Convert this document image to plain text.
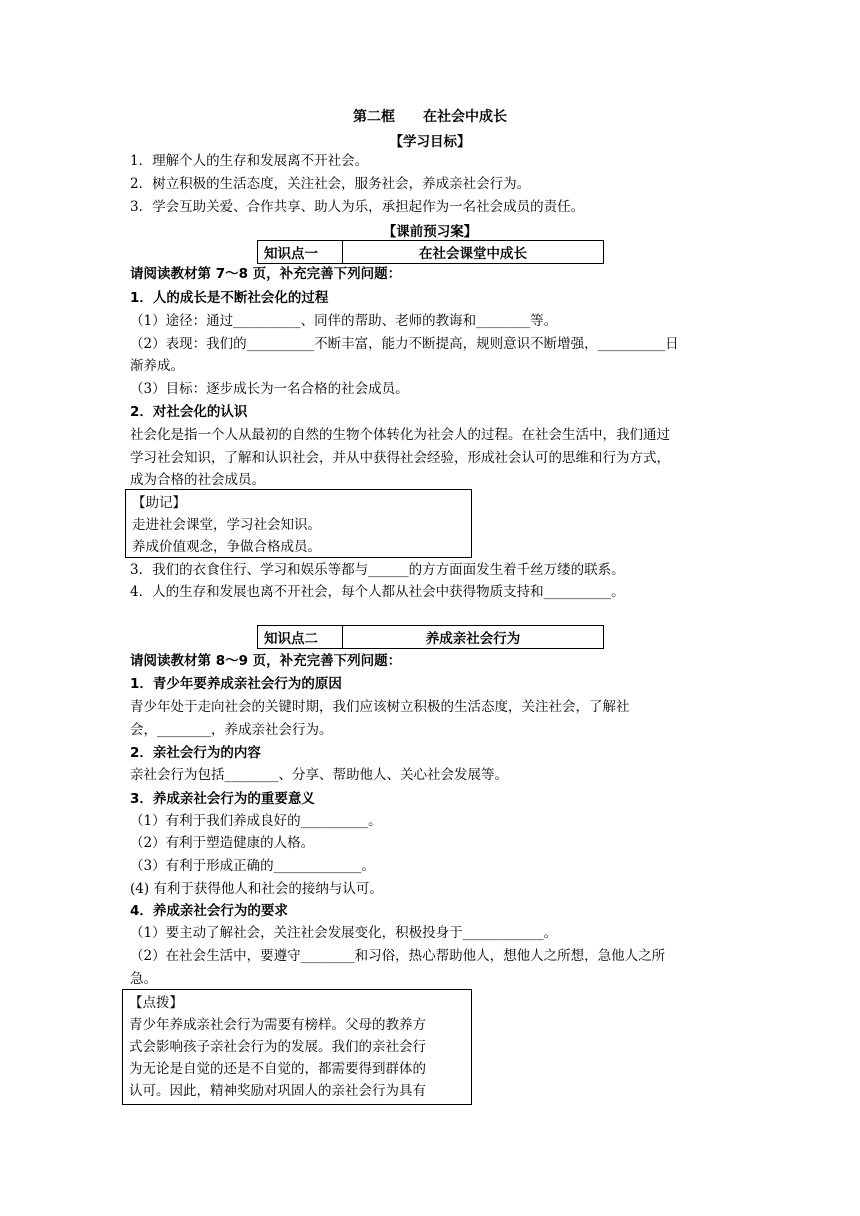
第二框　　在社会中成长
【学习目标】
1．理解个人的生存和发展离不开社会。
2．树立积极的生活态度，关注社会，服务社会，养成亲社会行为。
3．学会互助关爱、合作共享、助人为乐，承担起作为一名社会成员的责任。
【课前预习案】
知识点一	在社会课堂中成长
请阅读教材第 7～8 页，补充完善下列问题：
1．人的成长是不断社会化的过程
（1）途径：通过__________、同伴的帮助、老师的教诲和________等。
（2）表现：我们的__________不断丰富，能力不断提高，规则意识不断增强，__________日
渐养成。
（3）目标：逐步成长为一名合格的社会成员。
2．对社会化的认识
社会化是指一个人从最初的自然的生物个体转化为社会人的过程。在社会生活中，我们通过
学习社会知识，了解和认识社会，并从中获得社会经验，形成社会认可的思维和行为方式，
成为合格的社会成员。
【助记】
走进社会课堂，学习社会知识。
养成价值观念，争做合格成员。
3．我们的衣食住行、学习和娱乐等都与______的方方面面发生着千丝万缕的联系。
4．人的生存和发展也离不开社会，每个人都从社会中获得物质支持和__________。
知识点二	养成亲社会行为
请阅读教材第 8～9 页，补充完善下列问题：
1．青少年要养成亲社会行为的原因
青少年处于走向社会的关键时期，我们应该树立积极的生活态度，关注社会，了解社
会，________，养成亲社会行为。
2．亲社会行为的内容
亲社会行为包括________、分享、帮助他人、关心社会发展等。
3．养成亲社会行为的重要意义
（1）有利于我们养成良好的__________。
（2）有利于塑造健康的人格。
（3）有利于形成正确的_____________。
(4) 有利于获得他人和社会的接纳与认可。
4．养成亲社会行为的要求
（1）要主动了解社会，关注社会发展变化，积极投身于____________。
（2）在社会生活中，要遵守________和习俗，热心帮助他人，想他人之所想，急他人之所
急。
【点拨】
青少年养成亲社会行为需要有榜样。父母的教养方
式会影响孩子亲社会行为的发展。我们的亲社会行
为无论是自觉的还是不自觉的，都需要得到群体的
认可。因此，精神奖励对巩固人的亲社会行为具有
